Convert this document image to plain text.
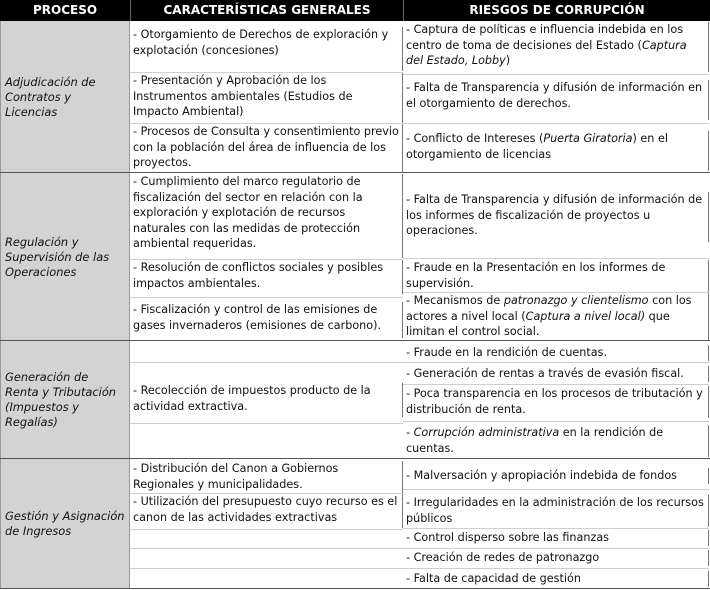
PROCESO	CARACTERÍSTICAS GENERALES	RIESGOS DE CORRUPCIÓN
Adjudicación de Contratos y Licencias
Regulación y Supervisión de las Operaciones
Generación de Renta y Tributación (Impuestos y Regalías)
Gestión y Asignación de Ingresos
- Otorgamiento de Derechos de exploración y explotación (concesiones)
- Presentación y Aprobación de los Instrumentos ambientales (Estudios de Impacto Ambiental)
- Procesos de Consulta y consentimiento previo con la población del área de influencia de los proyectos.
- Captura de políticas e influencia indebida en los centro de toma de decisiones del Estado (Captura del Estado, Lobby)
- Falta de Transparencia y difusión de información en el otorgamiento de derechos.
- Conflicto de Intereses (Puerta Giratoria) en el otorgamiento de licencias
- Cumplimiento del marco regulatorio de fiscalización del sector en relación con la exploración y explotación de recursos naturales con las medidas de protección ambiental requeridas.
- Resolución de conflictos sociales y posibles impactos ambientales.
- Fiscalización y control de las emisiones de gases invernaderos (emisiones de carbono).
- Falta de Transparencia y difusión de información de los informes de fiscalización de proyectos u operaciones.
- Fraude en la Presentación en los informes de supervisión.
- Mecanismos de patronazgo y clientelismo con los actores a nivel local (Captura a nivel local) que limitan el control social.
- Recolección de impuestos producto de la actividad extractiva.
- Fraude en la rendición de cuentas.
- Generación de rentas a través de evasión fiscal.
- Poca transparencia en los procesos de tributación y distribución de renta.
- Corrupción administrativa en la rendición de cuentas.
- Distribución del Canon a Gobiernos Regionales y municipalidades.
- Utilización del presupuesto cuyo recurso es el canon de las actividades extractivas
- Malversación y apropiación indebida de fondos
- Irregularidades en la administración de los recursos públicos
- Control disperso sobre las finanzas
- Creación de redes de patronazgo
- Falta de capacidad de gestión
